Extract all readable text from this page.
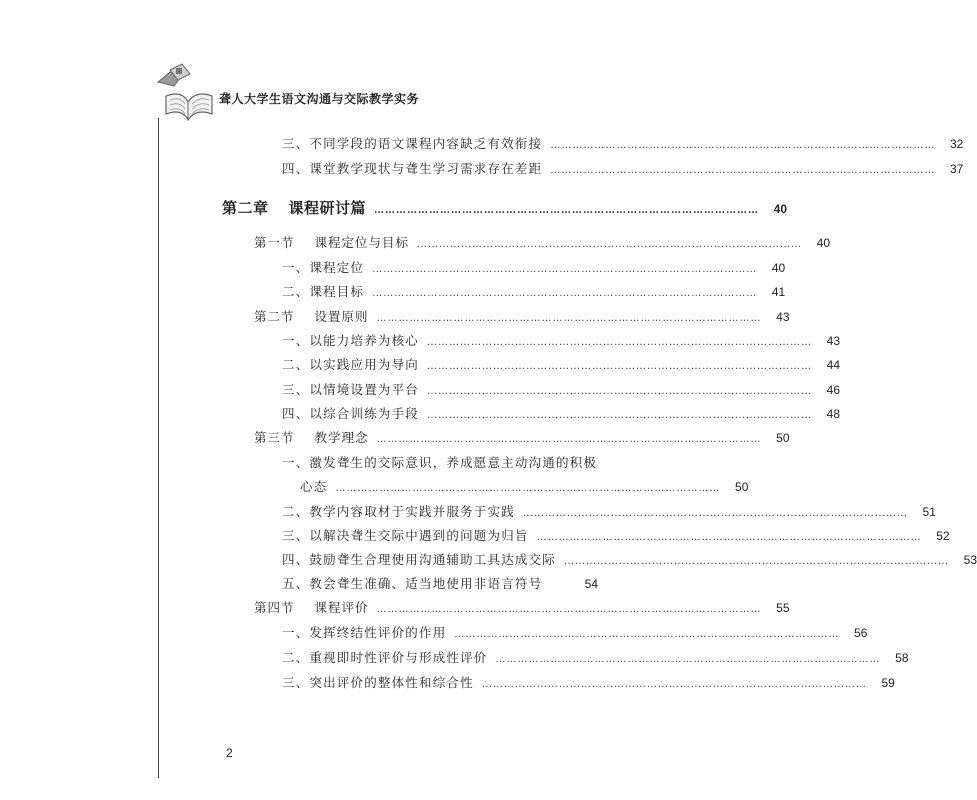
聋人大学生语文沟通与交际教学实务
三、不同学段的语文课程内容缺乏有效衔接 ……………………………………………………………………………………………	32
四、课堂教学现状与聋生学习需求存在差距 ……………………………………………………………………………………………	37
第二章 课程研讨篇 ……………………………………………………………………………………………	40
第一节 课程定位与目标 ……………………………………………………………………………………………	40
一、课程定位 ……………………………………………………………………………………………	40
二、课程目标 ……………………………………………………………………………………………	41
第二节 设置原则 ……………………………………………………………………………………………	43
一、以能力培养为核心 ……………………………………………………………………………………………	43
二、以实践应用为导向 ……………………………………………………………………………………………	44
三、以情境设置为平台 ……………………………………………………………………………………………	46
四、以综合训练为手段 ……………………………………………………………………………………………	48
第三节 教学理念 ……………………………………………………………………………………………	50
一、激发聋生的交际意识，养成愿意主动沟通的积极
心态 ……………………………………………………………………………………………	50
二、教学内容取材于实践并服务于实践 ……………………………………………………………………………………………	51
三、以解决聋生交际中遇到的问题为归旨 ……………………………………………………………………………………………	52
四、鼓励聋生合理使用沟通辅助工具达成交际 ……………………………………………………………………………………………	53
五、教会聋生准确、适当地使用非语言符号	54
第四节 课程评价 ……………………………………………………………………………………………	55
一、发挥终结性评价的作用 ……………………………………………………………………………………………	56
二、重视即时性评价与形成性评价 ……………………………………………………………………………………………	58
三、突出评价的整体性和综合性 ……………………………………………………………………………………………	59
2
